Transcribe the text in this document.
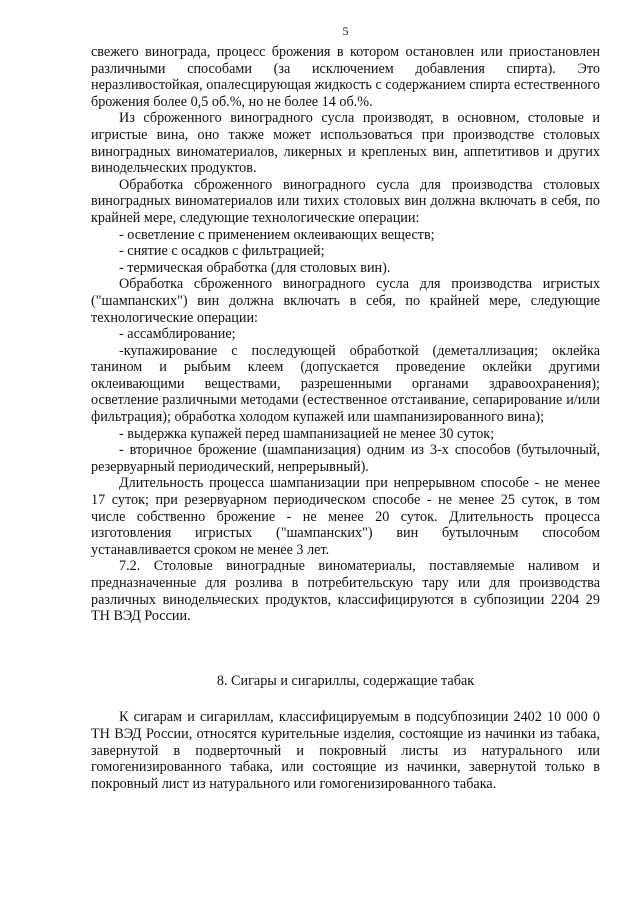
5

свежего винограда, процесс брожения в котором остановлен или приостановлен различными способами (за исключением добавления спирта). Это неразливостойкая, опалесцирующая жидкость с содержанием спирта естественного брожения более 0,5 об.%, но не более 14 об.%.

Из сброженного виноградного сусла производят, в основном, столовые и игристые вина, оно также может использоваться при производстве столовых виноградных виноматериалов, ликерных и крепленых вин, аппетитивов и других винодельческих продуктов.

Обработка сброженного виноградного сусла для производства столовых виноградных виноматериалов или тихих столовых вин должна включать в себя, по крайней мере, следующие технологические операции:

- осветление с применением оклеивающих веществ;

- снятие с осадков с фильтрацией;

- термическая обработка (для столовых вин).

Обработка сброженного виноградного сусла для производства игристых ("шампанских") вин должна включать в себя, по крайней мере, следующие технологические операции:

- ассамблирование;

-купажирование с последующей обработкой (деметаллизация; оклейка танином и рыбьим клеем (допускается проведение оклейки другими оклеивающими веществами, разрешенными органами здравоохранения); осветление различными методами (естественное отстаивание, сепарирование и/или фильтрация); обработка холодом купажей или шампанизированного вина);

- выдержка купажей перед шампанизацией не менее 30 суток;

- вторичное брожение (шампанизация) одним из 3-х способов (бутылочный, резервуарный периодический, непрерывный).

Длительность процесса шампанизации при непрерывном способе - не менее 17 суток; при резервуарном периодическом способе - не менее 25 суток, в том числе собственно брожение - не менее 20 суток. Длительность процесса изготовления игристых ("шампанских") вин бутылочным способом устанавливается сроком не менее 3 лет.

7.2. Столовые виноградные виноматериалы, поставляемые наливом и предназначенные для розлива в потребительскую тару или для производства различных винодельческих продуктов, классифицируются в субпозиции 2204 29 ТН ВЭД России.

8. Сигары и сигариллы, содержащие табак

К сигарам и сигариллам, классифицируемым в подсубпозиции 2402 10 000 0 ТН ВЭД России, относятся курительные изделия, состоящие из начинки из табака, завернутой в подверточный и покровный листы из натурального или гомогенизированного табака, или состоящие из начинки, завернутой только в покровный лист из натурального или гомогенизированного табака.
